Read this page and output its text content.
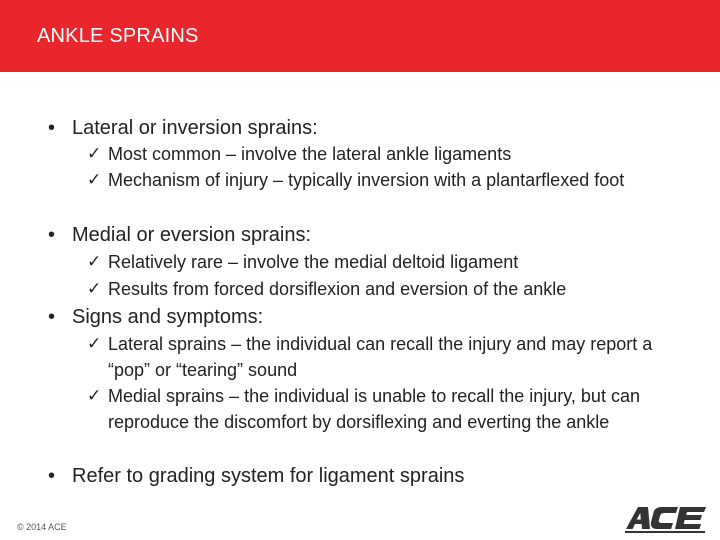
ANKLE SPRAINS
• Lateral or inversion sprains:
✓ Most common – involve the lateral ankle ligaments
✓ Mechanism of injury – typically inversion with a plantarflexed foot
• Medial or eversion sprains:
✓ Relatively rare – involve the medial deltoid ligament
✓ Results from forced dorsiflexion and eversion of the ankle
• Signs and symptoms:
✓ Lateral sprains – the individual can recall the injury and may report a “pop” or “tearing” sound
✓ Medial sprains – the individual is unable to recall the injury, but can reproduce the discomfort by dorsiflexing and everting the ankle
• Refer to grading system for ligament sprains
© 2014 ACE
